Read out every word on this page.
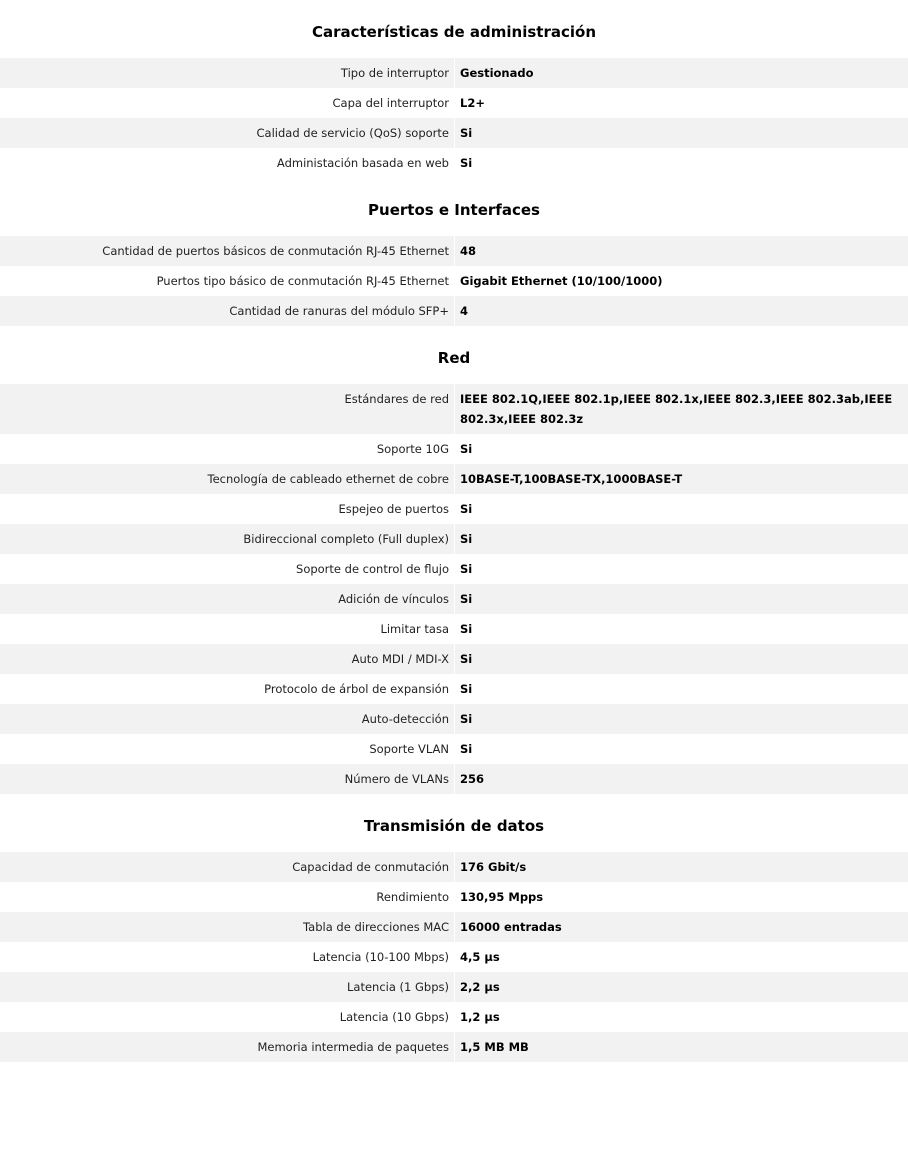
Características de administración
Tipo de interruptor	Gestionado
Capa del interruptor	L2+
Calidad de servicio (QoS) soporte	Si
Administación basada en web	Si
Puertos e Interfaces
Cantidad de puertos básicos de conmutación RJ-45 Ethernet	48
Puertos tipo básico de conmutación RJ-45 Ethernet	Gigabit Ethernet (10/100/1000)
Cantidad de ranuras del módulo SFP+	4
Red
Estándares de red	IEEE 802.1Q,IEEE 802.1p,IEEE 802.1x,IEEE 802.3,IEEE 802.3ab,IEEE 802.3x,IEEE 802.3z
Soporte 10G	Si
Tecnología de cableado ethernet de cobre	10BASE-T,100BASE-TX,1000BASE-T
Espejeo de puertos	Si
Bidireccional completo (Full duplex)	Si
Soporte de control de flujo	Si
Adición de vínculos	Si
Limitar tasa	Si
Auto MDI / MDI-X	Si
Protocolo de árbol de expansión	Si
Auto-detección	Si
Soporte VLAN	Si
Número de VLANs	256
Transmisión de datos
Capacidad de conmutación	176 Gbit/s
Rendimiento	130,95 Mpps
Tabla de direcciones MAC	16000 entradas
Latencia (10-100 Mbps)	4,5 µs
Latencia (1 Gbps)	2,2 µs
Latencia (10 Gbps)	1,2 µs
Memoria intermedia de paquetes	1,5 MB MB
